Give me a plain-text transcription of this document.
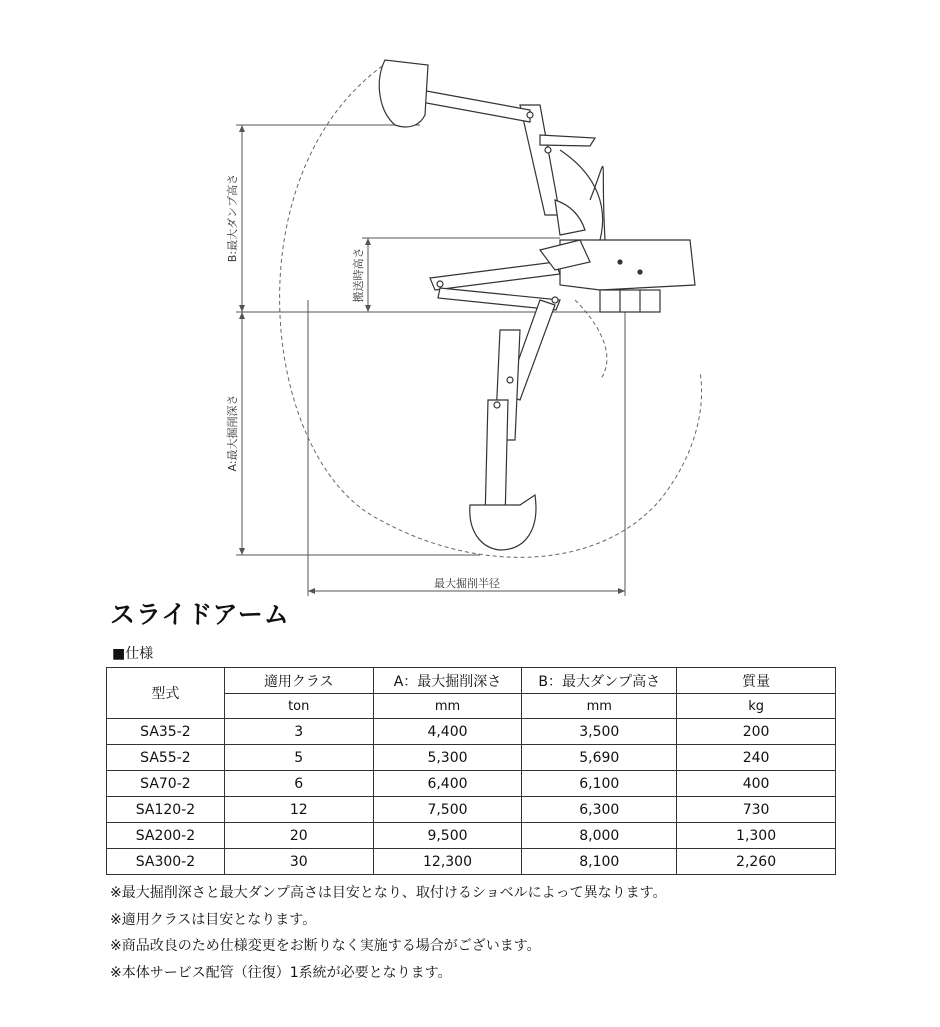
B:最大ダンプ高さ
搬送時高さ
A:最大掘削深さ
最大掘削半径
スライドアーム
■仕様
型式	適用クラス	A：最大掘削深さ	B：最大ダンプ高さ	質量
	ton	mm	mm	kg
SA35-2	3	4,400	3,500	200
SA55-2	5	5,300	5,690	240
SA70-2	6	6,400	6,100	400
SA120-2	12	7,500	6,300	730
SA200-2	20	9,500	8,000	1,300
SA300-2	30	12,300	8,100	2,260
※最大掘削深さと最大ダンプ高さは目安となり、取付けるショベルによって異なります。
※適用クラスは目安となります。
※商品改良のため仕様変更をお断りなく実施する場合がございます。
※本体サービス配管（往復）1系統が必要となります。
